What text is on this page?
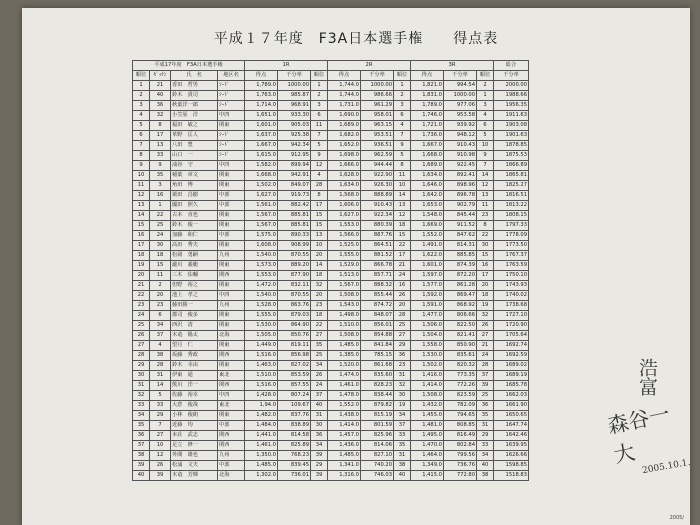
平成１７年度　F3A日本選手権　　得点表
平成17年度　F3A日本選手権				1R			2R			3R			総合
順位	ｾﾞｯｹﾝ	氏　名	地区名	得点	千分率	順位	得点	千分率	順位	得点	千分率	順位	千分率
1	21	香田　哲男	ｼｰﾄﾞ	1,789.0	1000.00	1	1,744.0	1000.00	1	1,821.0	994.54	2	2000.00
2	40	鈴木　貴司	ｼｰﾄﾞ	1,763.0	985.87	2	1,744.0	986.66	2	1,831.0	1000.00	1	1988.66
3	36	秋葉洋一郎	ｼｰﾄﾞ	1,714.0	968.91	3	1,731.0	961.29	3	1,789.0	977.06	3	1956.35
4	32	小笠原　洋	中四	1,651.0	933.30	6	1,690.0	958.01	6	1,746.0	953.58	4	1911.63
5	8	福田　敏之	関東	1,601.0	905.03	11	1,689.0	963.15	4	1,721.0	939.92	6	1903.08
6	17	革野　匡人	ｼｰﾄﾞ	1,637.0	925.38	7	1,682.0	953.51	7	1,736.0	948.12	5	1901.63
7	13	八田　豊	ｼｰﾄﾞ	1,667.0	942.34	5	1,652.0	936.51	9	1,667.0	910.43	10	1878.85
8	33	山口　一	ｼｰﾄﾞ	1,615.0	912.95	9	1,698.0	962.59	5	1,668.0	910.98	9	1875.53
9	9	油谷　守	中四	1,582.0	899.94	12	1,666.0	944.44	8	1,689.0	922.45	7	1866.89
10	35	稲葉　章文	関東	1,668.0	942.91	4	1,628.0	922.90	11	1,634.0	892.41	14	1865.81
11	3	角田　博	関東	1,502.0	849.07	28	1,634.0	926.30	10	1,646.0	898.96	12	1825.27
12	16	栗田　昌樹	中部	1,627.0	919.73	8	1,568.0	888.89	14	1,642.0	896.78	13	1816.51
13	1	國田　照久	中部	1,561.0	882.42	17	1,606.0	910.43	13	1,653.0	902.79	11	1813.22
14	22	古本　直也	関東	1,567.0	885.81	15	1,627.0	922.34	12	1,548.0	845.44	23	1808.15
15	25	鈴木　俊一	関東	1,567.0	885.81	15	1,553.0	880.39	18	1,669.0	911.52	8	1797.33
16	24	加藤　和仁	中部	1,575.0	890.33	13	1,566.0	887.76	15	1,552.0	847.62	22	1778.09
17	30	高田　秀夫	関東	1,608.0	908.99	10	1,525.0	864.51	22	1,491.0	814.31	30	1773.50
18	18	松岡　勇嗣	九州	1,540.0	870.55	20	1,555.0	881.52	17	1,622.0	885.85	15	1767.37
19	15	瀧川　義範	関東	1,573.0	889.20	14	1,529.0	866.78	21	1,601.0	874.39	16	1763.59
20	11	三木　佑輔	関西	1,553.0	877.90	18	1,513.0	857.71	24	1,597.0	872.20	17	1750.10
21	2	但野　裕之	関東	1,472.0	832.11	32	1,567.0	888.32	16	1,577.0	861.28	20	1743.93
22	20	池上　孝之	中四	1,540.0	870.55	20	1,508.0	855.44	26	1,592.0	869.47	18	1740.02
23	23	藤田勝一	九州	1,528.0	863.76	23	1,543.0	874.72	20	1,591.0	868.92	19	1738.68
24	6	郡司　俊多	関東	1,555.0	879.03	18	1,498.0	848.07	28	1,477.0	806.66	32	1727.10
25	34	西沢　清	関東	1,530.0	864.90	22	1,510.0	856.01	25	1,506.0	822.50	26	1720.90
26	37	木竜　陽太	北海	1,505.0	850.76	27	1,508.0	854.88	27	1,504.0	821.41	27	1705.64
27	4	望月　仁	関東	1,449.0	819.11	35	1,485.0	841.84	29	1,558.0	850.90	21	1692.74
28	38	坂藤　秀政	関西	1,516.0	856.98	25	1,385.0	785.15	36	1,530.0	835.61	24	1692.59
29	28	鈴木　幸由	関東	1,463.0	827.02	34	1,520.0	861.68	23	1,502.0	820.32	28	1689.02
30	31	伊東　通	東北	1,510.0	853.59	26	1,474.0	835.60	31	1,416.0	773.35	37	1689.19
31	14	熊川　洋一	関西	1,516.0	857.55	24	1,461.0	828.23	32	1,414.0	772.26	39	1685.78
32	5	佐藤　裕幸	中四	1,428.0	807.24	37	1,478.0	838.44	30	1,508.0	823.59	25	1662.03
33	33	大倉　俊哉	東北	1,94.0	109.67	40	1,552.0	879.82	19	1,432.0	782.09	36	1661.90
34	29	小林　俊朗	関東	1,482.0	837.76	31	1,438.0	815.19	34	1,455.0	794.65	35	1650.65
35	7	近藤　均	中部	1,484.0	838.89	30	1,414.0	801.59	37	1,481.0	808.85	31	1647.74
36	27	本荘　武志	関西	1,441.0	814.58	36	1,457.0	825.96	33	1,495.0	816.49	29	1642.46
37	10	足立　修一	関西	1,461.0	825.89	34	1,436.0	814.06	35	1,470.0	802.84	33	1639.95
38	12	外間　雄也	九州	1,350.0	768.23	39	1,485.0	827.10	31	1,464.0	799.56	34	1626.66
39	26	松浦　文夫	中部	1,485.0	839.45	29	1,341.0	740.20	38	1,349.0	736.76	40	1598.85
40	39	木竜　芳輝	北海	1,302.0	736.01	39	1,316.0	746.03	40	1,415.0	772.80	38	1518.83
浩富
森谷一大 2005.10.1.
2005/
